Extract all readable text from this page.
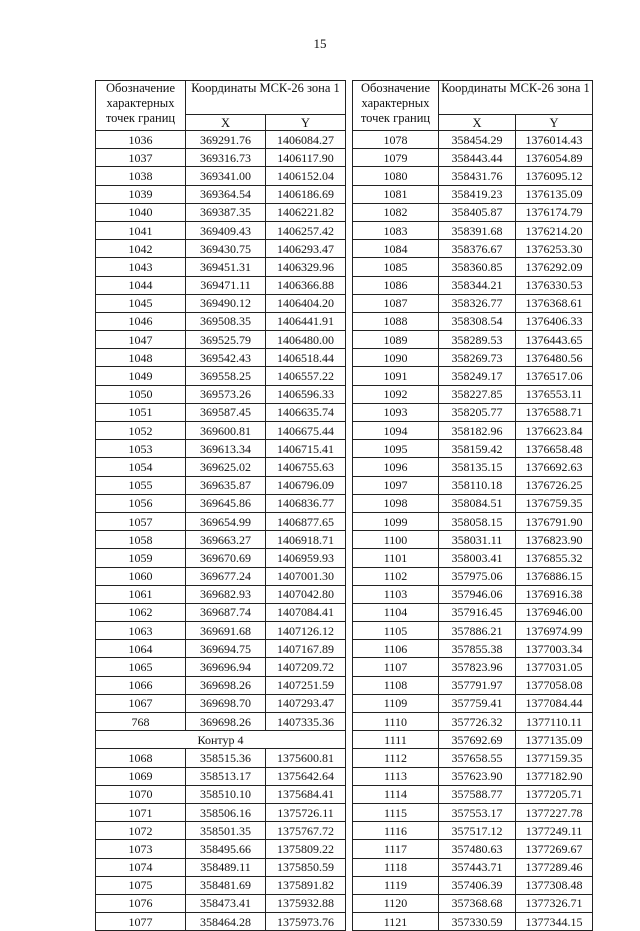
15
Обозначение характерных точек границ	Координаты МСК-26 зона 1	
	X	Y
1036	369291.76	1406084.27
1037	369316.73	1406117.90
1038	369341.00	1406152.04
1039	369364.54	1406186.69
1040	369387.35	1406221.82
1041	369409.43	1406257.42
1042	369430.75	1406293.47
1043	369451.31	1406329.96
1044	369471.11	1406366.88
1045	369490.12	1406404.20
1046	369508.35	1406441.91
1047	369525.79	1406480.00
1048	369542.43	1406518.44
1049	369558.25	1406557.22
1050	369573.26	1406596.33
1051	369587.45	1406635.74
1052	369600.81	1406675.44
1053	369613.34	1406715.41
1054	369625.02	1406755.63
1055	369635.87	1406796.09
1056	369645.86	1406836.77
1057	369654.99	1406877.65
1058	369663.27	1406918.71
1059	369670.69	1406959.93
1060	369677.24	1407001.30
1061	369682.93	1407042.80
1062	369687.74	1407084.41
1063	369691.68	1407126.12
1064	369694.75	1407167.89
1065	369696.94	1407209.72
1066	369698.26	1407251.59
1067	369698.70	1407293.47
768	369698.26	1407335.36
Контур 4		
1068	358515.36	1375600.81
1069	358513.17	1375642.64
1070	358510.10	1375684.41
1071	358506.16	1375726.11
1072	358501.35	1375767.72
1073	358495.66	1375809.22
1074	358489.11	1375850.59
1075	358481.69	1375891.82
1076	358473.41	1375932.88
1077	358464.28	1375973.76
Обозначение характерных точек границ	Координаты МСК-26 зона 1	
	X	Y
1078	358454.29	1376014.43
1079	358443.44	1376054.89
1080	358431.76	1376095.12
1081	358419.23	1376135.09
1082	358405.87	1376174.79
1083	358391.68	1376214.20
1084	358376.67	1376253.30
1085	358360.85	1376292.09
1086	358344.21	1376330.53
1087	358326.77	1376368.61
1088	358308.54	1376406.33
1089	358289.53	1376443.65
1090	358269.73	1376480.56
1091	358249.17	1376517.06
1092	358227.85	1376553.11
1093	358205.77	1376588.71
1094	358182.96	1376623.84
1095	358159.42	1376658.48
1096	358135.15	1376692.63
1097	358110.18	1376726.25
1098	358084.51	1376759.35
1099	358058.15	1376791.90
1100	358031.11	1376823.90
1101	358003.41	1376855.32
1102	357975.06	1376886.15
1103	357946.06	1376916.38
1104	357916.45	1376946.00
1105	357886.21	1376974.99
1106	357855.38	1377003.34
1107	357823.96	1377031.05
1108	357791.97	1377058.08
1109	357759.41	1377084.44
1110	357726.32	1377110.11
1111	357692.69	1377135.09
1112	357658.55	1377159.35
1113	357623.90	1377182.90
1114	357588.77	1377205.71
1115	357553.17	1377227.78
1116	357517.12	1377249.11
1117	357480.63	1377269.67
1118	357443.71	1377289.46
1119	357406.39	1377308.48
1120	357368.68	1377326.71
1121	357330.59	1377344.15
